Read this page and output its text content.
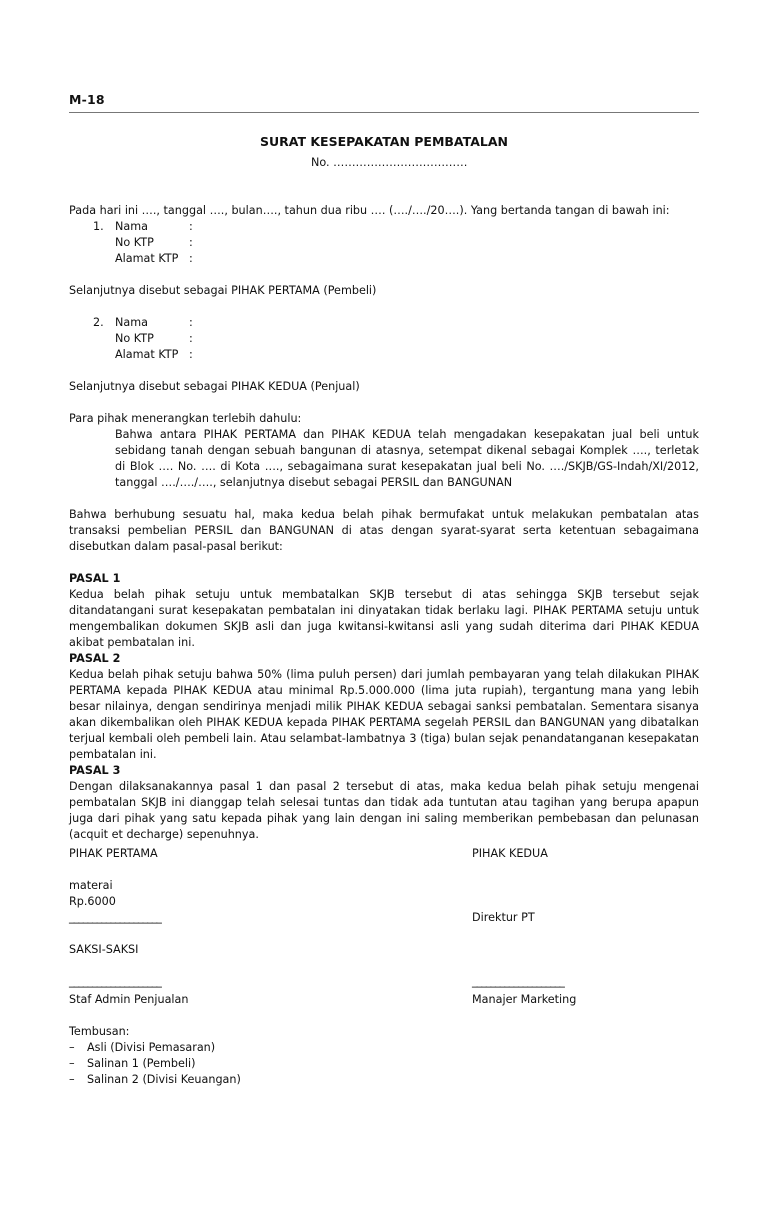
M-18
SURAT KESEPAKATAN PEMBATALAN
No. ………………………………
Pada hari ini …., tanggal …., bulan…., tahun dua ribu …. (…./…./20….). Yang bertanda tangan di bawah ini:
1. Nama	:
No KTP	:
Alamat KTP :
Selanjutnya disebut sebagai PIHAK PERTAMA (Pembeli)
2. Nama	:
No KTP	:
Alamat KTP :
Selanjutnya disebut sebagai PIHAK KEDUA (Penjual)
Para pihak menerangkan terlebih dahulu:
Bahwa antara PIHAK PERTAMA dan PIHAK KEDUA telah mengadakan kesepakatan jual beli untuk sebidang tanah dengan sebuah bangunan di atasnya, setempat dikenal sebagai Komplek …., terletak di Blok …. No. …. di Kota …., sebagaimana surat kesepakatan jual beli No. …./SKJB/GS-Indah/XI/2012, tanggal …./…./…., selanjutnya disebut sebagai PERSIL dan BANGUNAN
Bahwa berhubung sesuatu hal, maka kedua belah pihak bermufakat untuk melakukan pembatalan atas transaksi pembelian PERSIL dan BANGUNAN di atas dengan syarat-syarat serta ketentuan sebagaimana disebutkan dalam pasal-pasal berikut:
PASAL 1
Kedua belah pihak setuju untuk membatalkan SKJB tersebut di atas sehingga SKJB tersebut sejak ditandatangani surat kesepakatan pembatalan ini dinyatakan tidak berlaku lagi. PIHAK PERTAMA setuju untuk mengembalikan dokumen SKJB asli dan juga kwitansi-kwitansi asli yang sudah diterima dari PIHAK KEDUA akibat pembatalan ini.
PASAL 2
Kedua belah pihak setuju bahwa 50% (lima puluh persen) dari jumlah pembayaran yang telah dilakukan PIHAK PERTAMA kepada PIHAK KEDUA atau minimal Rp.5.000.000 (lima juta rupiah), tergantung mana yang lebih besar nilainya, dengan sendirinya menjadi milik PIHAK KEDUA sebagai sanksi pembatalan. Sementara sisanya akan dikembalikan oleh PIHAK KEDUA kepada PIHAK PERTAMA segelah PERSIL dan BANGUNAN yang dibatalkan terjual kembali oleh pembeli lain. Atau selambat-lambatnya 3 (tiga) bulan sejak penandatanganan kesepakatan pembatalan ini.
PASAL 3
Dengan dilaksanakannya pasal 1 dan pasal 2 tersebut di atas, maka kedua belah pihak setuju mengenai pembatalan SKJB ini dianggap telah selesai tuntas dan tidak ada tuntutan atau tagihan yang berupa apapun juga dari pihak yang satu kepada pihak yang lain dengan ini saling memberikan pembebasan dan pelunasan (acquit et decharge) sepenuhnya.
PIHAK PERTAMA	PIHAK KEDUA
materai
Rp.6000
____________________	Direktur PT
SAKSI-SAKSI
____________________	____________________
Staf Admin Penjualan	Manajer Marketing
Tembusan:
– Asli (Divisi Pemasaran)
– Salinan 1 (Pembeli)
– Salinan 2 (Divisi Keuangan)
